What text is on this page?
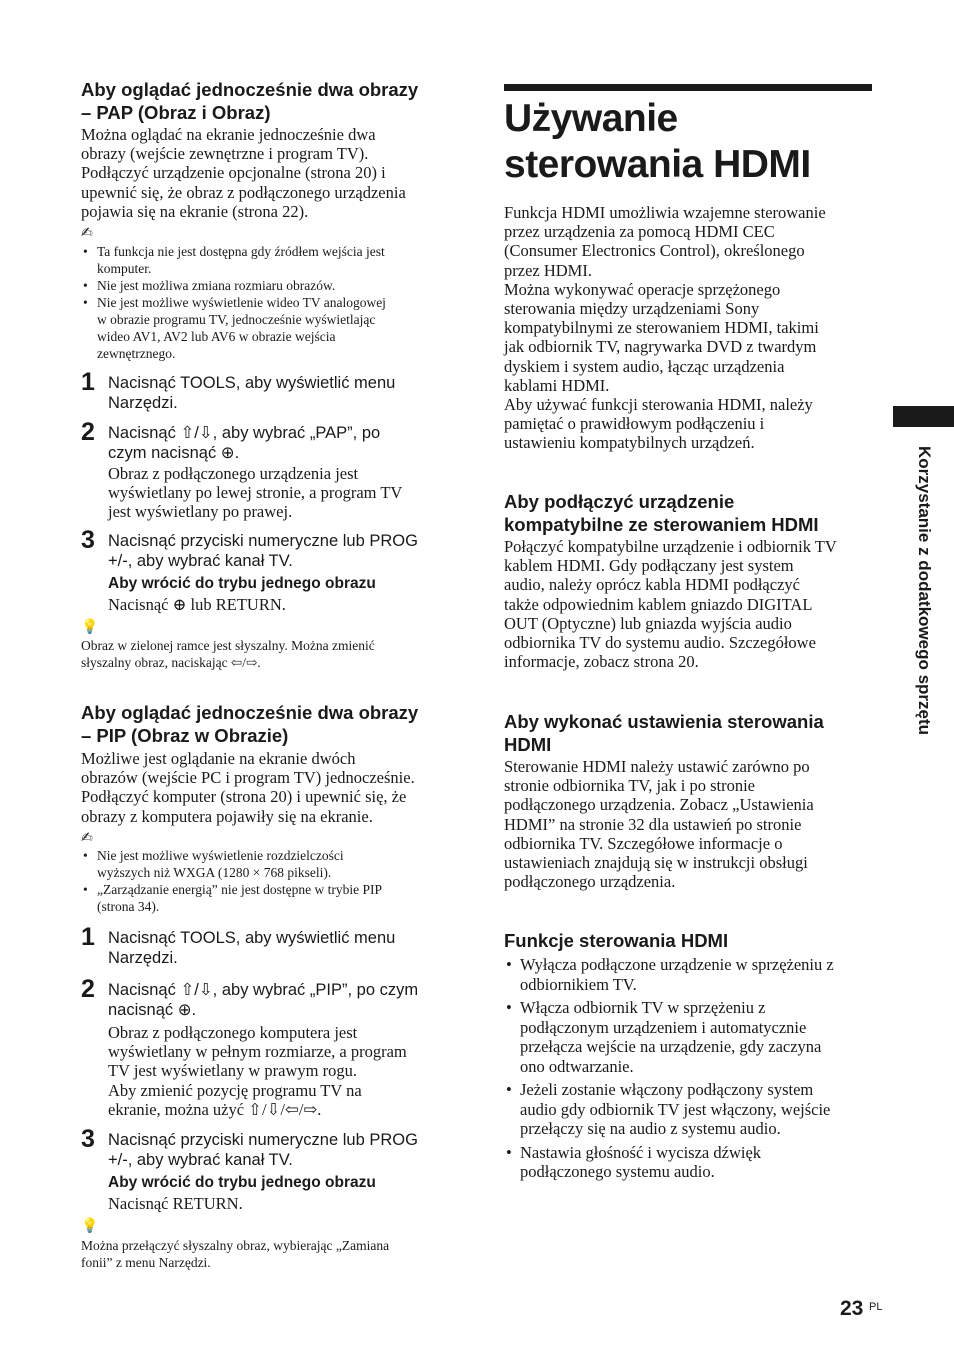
Aby oglądać jednocześnie dwa obrazy
– PAP (Obraz i Obraz)

Można oglądać na ekranie jednocześnie dwa
obrazy (wejście zewnętrzne i program TV).
Podłączyć urządzenie opcjonalne (strona 20) i
upewnić się, że obraz z podłączonego urządzenia
pojawia się na ekranie (strona 22).

✍
• Ta funkcja nie jest dostępna gdy źródłem wejścia jest
komputer.
• Nie jest możliwa zmiana rozmiaru obrazów.
• Nie jest możliwe wyświetlenie wideo TV analogowej
w obrazie programu TV, jednocześnie wyświetlając
wideo AV1, AV2 lub AV6 w obrazie wejścia
zewnętrznego.
1 Nacisnąć TOOLS, aby wyświetlić menu
Narzędzi.
2 Nacisnąć ⇧/⇩, aby wybrać „PAP”, po
czym nacisnąć ⊕.

Obraz z podłączonego urządzenia jest
wyświetlany po lewej stronie, a program TV
jest wyświetlany po prawej.

3 Nacisnąć przyciski numeryczne lub PROG
+/-, aby wybrać kanał TV.
Aby wrócić do trybu jednego obrazu

Nacisnąć ⊕ lub RETURN.

💡
Obraz w zielonej ramce jest słyszalny. Można zmienić
słyszalny obraz, naciskając ⇦/⇨.
Aby oglądać jednocześnie dwa obrazy
– PIP (Obraz w Obrazie)

Możliwe jest oglądanie na ekranie dwóch
obrazów (wejście PC i program TV) jednocześnie.
Podłączyć komputer (strona 20) i upewnić się, że
obrazy z komputera pojawiły się na ekranie.

✍
• Nie jest możliwe wyświetlenie rozdzielczości
wyższych niż WXGA (1280 × 768 pikseli).
• „Zarządzanie energią” nie jest dostępne w trybie PIP
(strona 34).
1 Nacisnąć TOOLS, aby wyświetlić menu
Narzędzi.
2 Nacisnąć ⇧/⇩, aby wybrać „PIP”, po czym
nacisnąć ⊕.

Obraz z podłączonego komputera jest
wyświetlany w pełnym rozmiarze, a program
TV jest wyświetlany w prawym rogu.
Aby zmienić pozycję programu TV na
ekranie, można użyć ⇧/⇩/⇦/⇨.

3 Nacisnąć przyciski numeryczne lub PROG
+/-, aby wybrać kanał TV.
Aby wrócić do trybu jednego obrazu

Nacisnąć RETURN.

💡
Można przełączyć słyszalny obraz, wybierając „Zamiana
fonii” z menu Narzędzi.
Używanie
sterowania HDMI

Funkcja HDMI umożliwia wzajemne sterowanie
przez urządzenia za pomocą HDMI CEC
(Consumer Electronics Control), określonego
przez HDMI.
Można wykonywać operacje sprzężonego
sterowania między urządzeniami Sony
kompatybilnymi ze sterowaniem HDMI, takimi
jak odbiornik TV, nagrywarka DVD z twardym
dyskiem i system audio, łącząc urządzenia
kablami HDMI.
Aby używać funkcji sterowania HDMI, należy
pamiętać o prawidłowym podłączeniu i
ustawieniu kompatybilnych urządzeń.

Aby podłączyć urządzenie
kompatybilne ze sterowaniem HDMI

Połączyć kompatybilne urządzenie i odbiornik TV
kablem HDMI. Gdy podłączany jest system
audio, należy oprócz kabla HDMI podłączyć
także odpowiednim kablem gniazdo DIGITAL
OUT (Optyczne) lub gniazda wyjścia audio
odbiornika TV do systemu audio. Szczegółowe
informacje, zobacz strona 20.

Aby wykonać ustawienia sterowania
HDMI

Sterowanie HDMI należy ustawić zarówno po
stronie odbiornika TV, jak i po stronie
podłączonego urządzenia. Zobacz „Ustawienia
HDMI” na stronie 32 dla ustawień po stronie
odbiornika TV. Szczegółowe informacje o
ustawieniach znajdują się w instrukcji obsługi
podłączonego urządzenia.

Funkcje sterowania HDMI
• Wyłącza podłączone urządzenie w sprzężeniu z
odbiornikiem TV.
• Włącza odbiornik TV w sprzężeniu z
podłączonym urządzeniem i automatycznie
przełącza wejście na urządzenie, gdy zaczyna
ono odtwarzanie.
• Jeżeli zostanie włączony podłączony system
audio gdy odbiornik TV jest włączony, wejście
przełączy się na audio z systemu audio.
• Nastawia głośność i wycisza dźwięk
podłączonego systemu audio.
Korzystanie z dodatkowego sprzętu
23 PL
